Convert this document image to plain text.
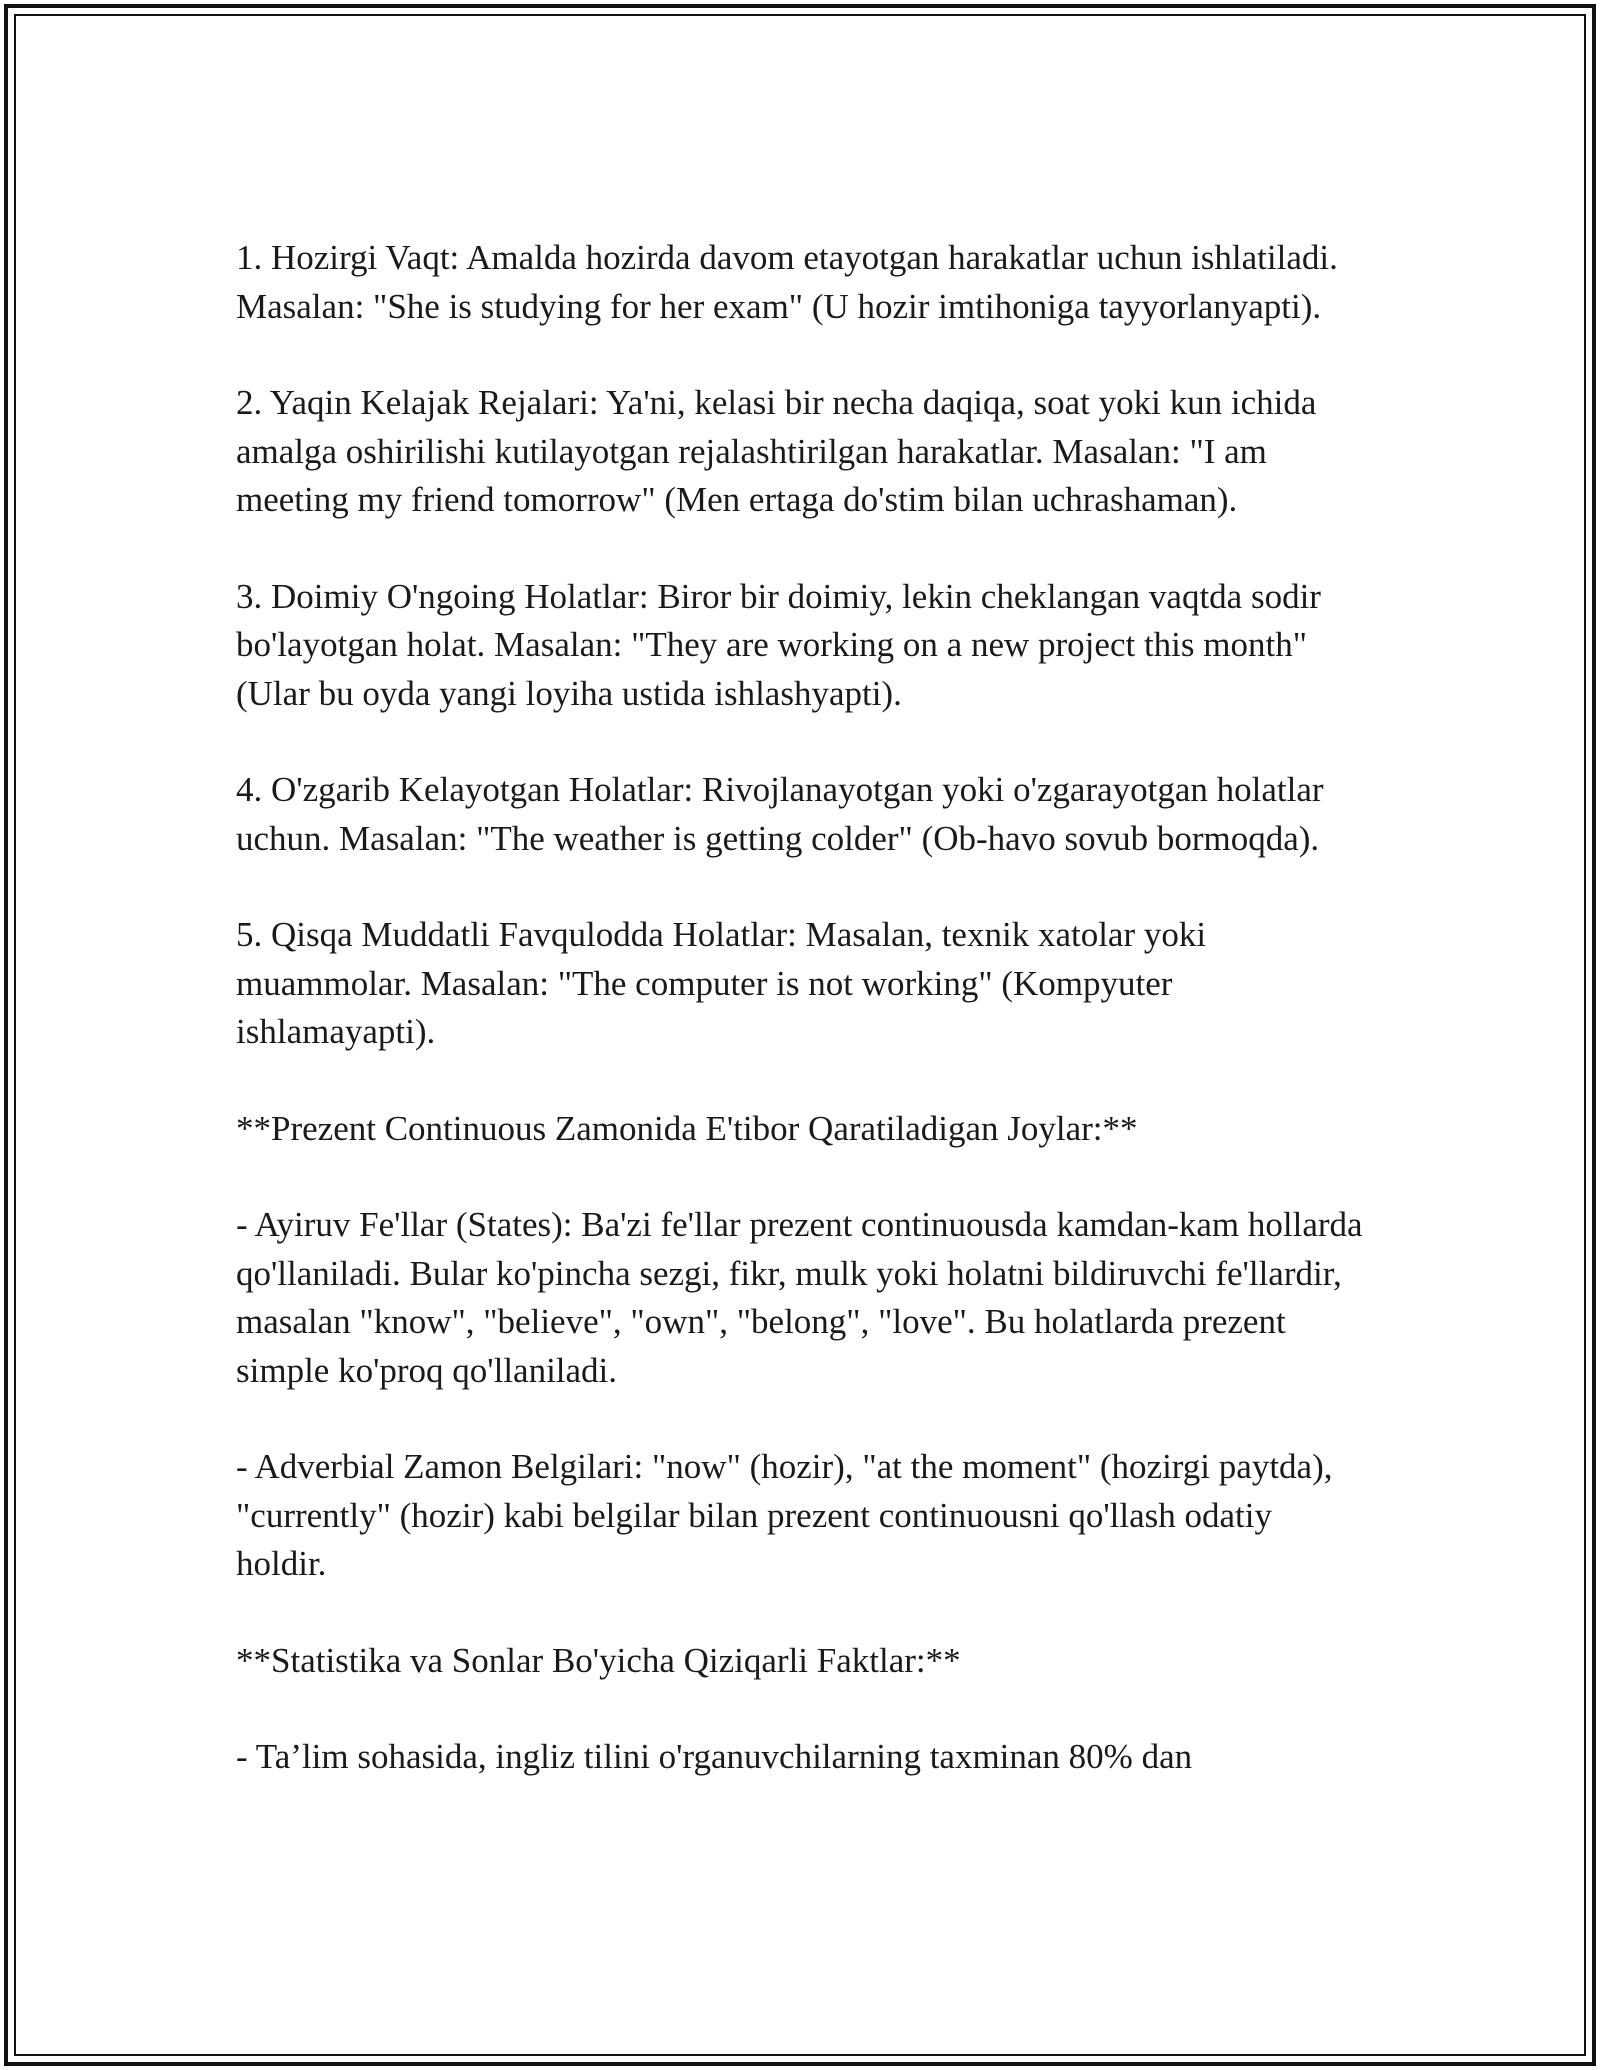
1. Hozirgi Vaqt: Amalda hozirda davom etayotgan harakatlar uchun ishlatiladi. Masalan: "She is studying for her exam" (U hozir imtihoniga tayyorlanyapti).

2. Yaqin Kelajak Rejalari: Ya'ni, kelasi bir necha daqiqa, soat yoki kun ichida amalga oshirilishi kutilayotgan rejalashtirilgan harakatlar. Masalan: "I am meeting my friend tomorrow" (Men ertaga do'stim bilan uchrashaman).

3. Doimiy O'ngoing Holatlar: Biror bir doimiy, lekin cheklangan vaqtda sodir bo'layotgan holat. Masalan: "They are working on a new project this month" (Ular bu oyda yangi loyiha ustida ishlashyapti).

4. O'zgarib Kelayotgan Holatlar: Rivojlanayotgan yoki o'zgarayotgan holatlar uchun. Masalan: "The weather is getting colder" (Ob-havo sovub bormoqda).

5. Qisqa Muddatli Favqulodda Holatlar: Masalan, texnik xatolar yoki muammolar. Masalan: "The computer is not working" (Kompyuter ishlamayapti).

**Prezent Continuous Zamonida E'tibor Qaratiladigan Joylar:**

- Ayiruv Fe'llar (States): Ba'zi fe'llar prezent continuousda kamdan-kam hollarda qo'llaniladi. Bular ko'pincha sezgi, fikr, mulk yoki holatni bildiruvchi fe'llardir, masalan "know", "believe", "own", "belong", "love". Bu holatlarda prezent simple ko'proq qo'llaniladi.

- Adverbial Zamon Belgilari: "now" (hozir), "at the moment" (hozirgi paytda), "currently" (hozir) kabi belgilar bilan prezent continuousni qo'llash odatiy holdir.

**Statistika va Sonlar Bo'yicha Qiziqarli Faktlar:**

- Ta’lim sohasida, ingliz tilini o'rganuvchilarning taxminan 80% dan
